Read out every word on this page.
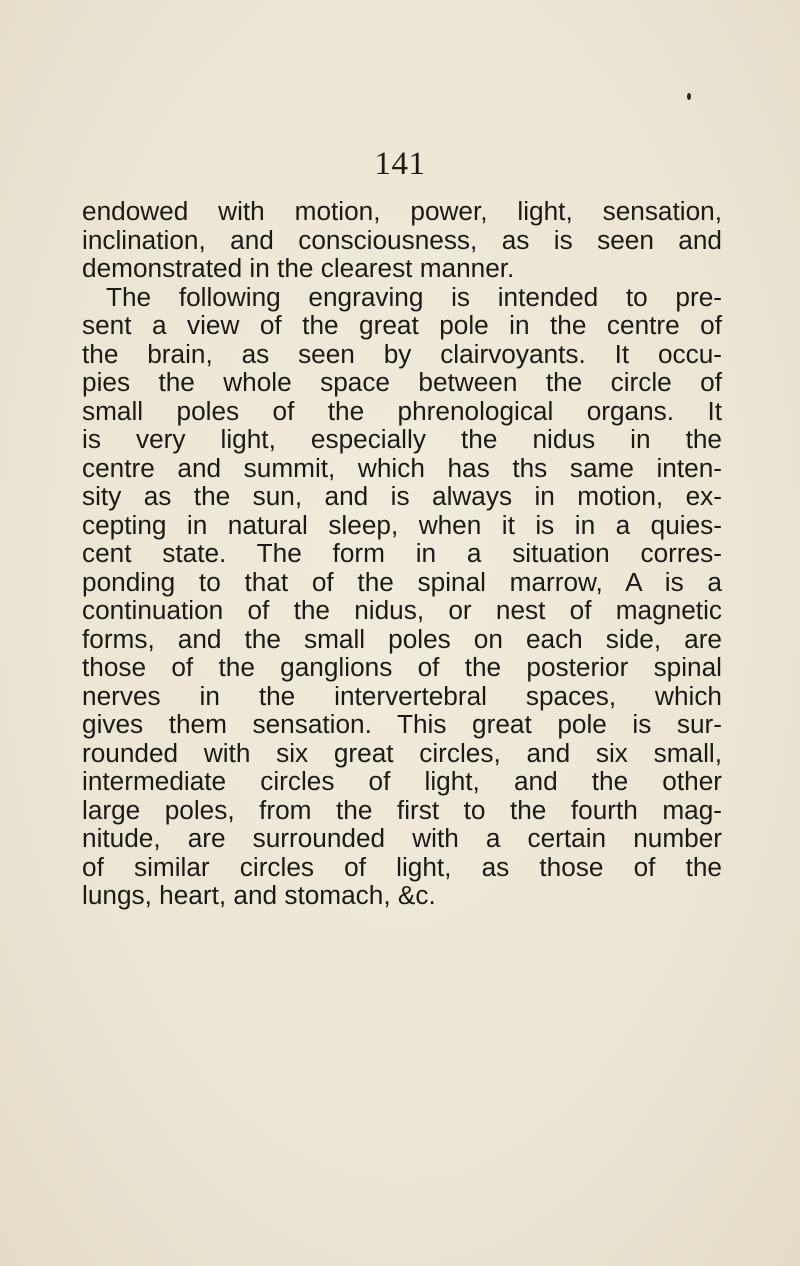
141
endowed with motion, power, light, sensation,
inclination, and consciousness, as is seen and
demonstrated in the clearest manner.
The following engraving is intended to pre-
sent a view of the great pole in the centre of
the brain, as seen by clairvoyants. It occu-
pies the whole space between the circle of
small poles of the phrenological organs. It
is very light, especially the nidus in the
centre and summit, which has ths same inten-
sity as the sun, and is always in motion, ex-
cepting in natural sleep, when it is in a quies-
cent state. The form in a situation corres-
ponding to that of the spinal marrow, A is a
continuation of the nidus, or nest of magnetic
forms, and the small poles on each side, are
those of the ganglions of the posterior spinal
nerves in the intervertebral spaces, which
gives them sensation. This great pole is sur-
rounded with six great circles, and six small,
intermediate circles of light, and the other
large poles, from the first to the fourth mag-
nitude, are surrounded with a certain number
of similar circles of light, as those of the
lungs, heart, and stomach, &c.
